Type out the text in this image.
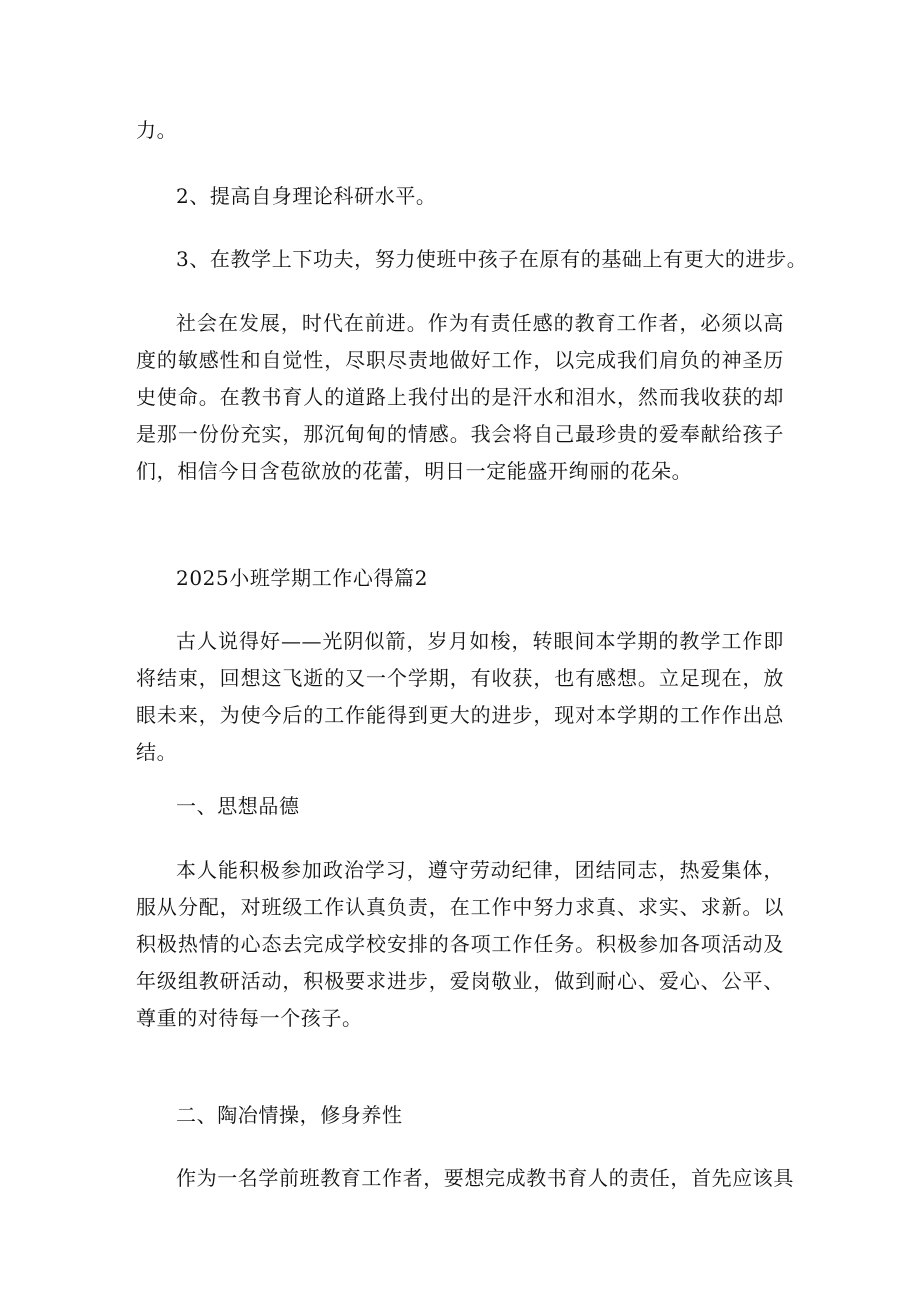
力。

2、提高自身理论科研水平。

3、在教学上下功夫，努力使班中孩子在原有的基础上有更大的进步。

社会在发展，时代在前进。作为有责任感的教育工作者，必须以高度的敏感性和自觉性，尽职尽责地做好工作，以完成我们肩负的神圣历史使命。在教书育人的道路上我付出的是汗水和泪水，然而我收获的却是那一份份充实，那沉甸甸的情感。我会将自己最珍贵的爱奉献给孩子们，相信今日含苞欲放的花蕾，明日一定能盛开绚丽的花朵。

2025小班学期工作心得篇2

古人说得好——光阴似箭，岁月如梭，转眼间本学期的教学工作即将结束，回想这飞逝的又一个学期，有收获，也有感想。立足现在，放眼未来，为使今后的工作能得到更大的进步，现对本学期的工作作出总结。

一、思想品德

本人能积极参加政治学习，遵守劳动纪律，团结同志，热爱集体，服从分配，对班级工作认真负责，在工作中努力求真、求实、求新。以积极热情的心态去完成学校安排的各项工作任务。积极参加各项活动及年级组教研活动，积极要求进步，爱岗敬业，做到耐心、爱心、公平、尊重的对待每一个孩子。

二、陶冶情操，修身养性

作为一名学前班教育工作者，要想完成教书育人的责任，首先应该具
